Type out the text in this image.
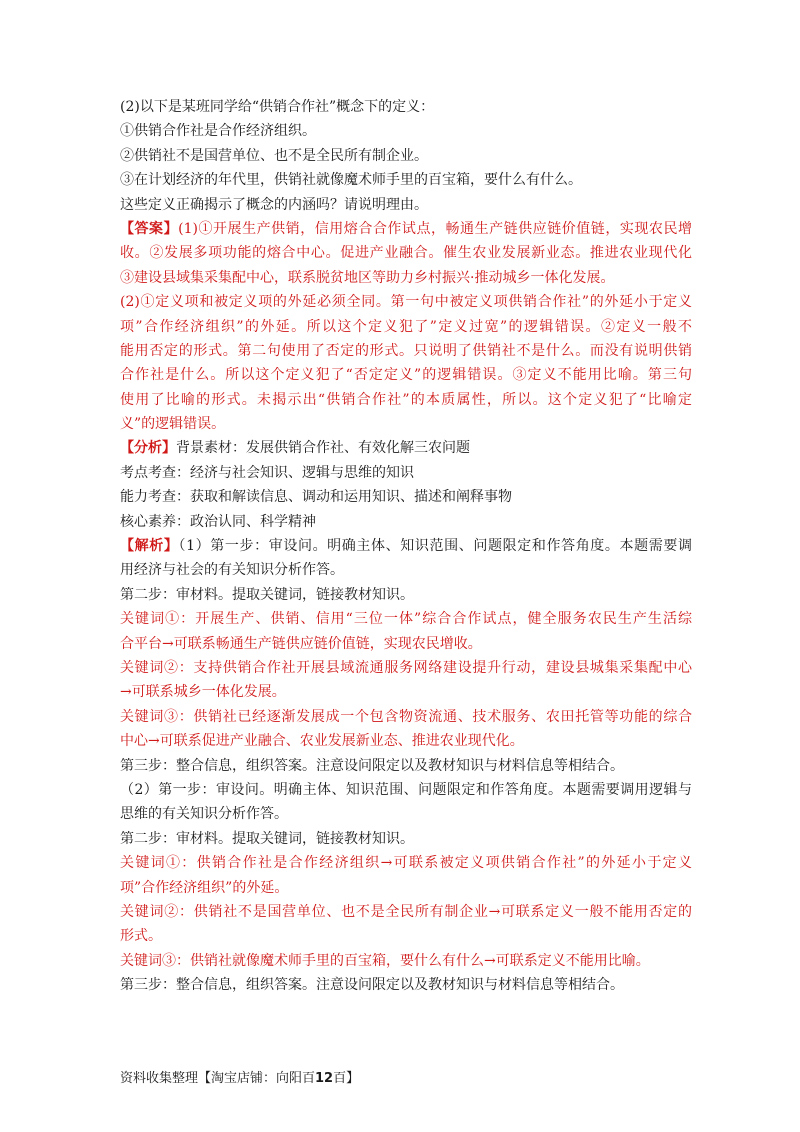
(2)以下是某班同学给“供销合作社”概念下的定义：
①供销合作社是合作经济组织。
②供销社不是国营单位、也不是全民所有制企业。
③在计划经济的年代里，供销社就像魔术师手里的百宝箱，要什么有什么。
这些定义正确揭示了概念的内涵吗？请说明理由。
【答案】(1)①开展生产供销，信用熔合合作试点，畅通生产链供应链价值链，实现农民增
收。②发展多项功能的熔合中心。促进产业融合。催生农业发展新业态。推进农业现代化
③建设县域集采集配中心，联系脱贫地区等助力乡村振兴·推动城乡一体化发展。
(2)①定义项和被定义项的外延必须全同。第一句中被定义项供销合作社”的外延小于定义
项”合作经济组织”的外延。所以这个定义犯了”定义过宽”的逻辑错误。②定义一般不
能用否定的形式。第二句使用了否定的形式。只说明了供销社不是什么。而没有说明供销
合作社是什么。所以这个定义犯了“否定定义”的逻辑错误。③定义不能用比喻。第三句
使用了比喻的形式。未揭示出“供销合作社”的本质属性，所以。这个定义犯了“比喻定
义”的逻辑错误。
【分析】背景素材：发展供销合作社、有效化解三农问题
考点考查：经济与社会知识、逻辑与思维的知识
能力考查：获取和解读信息、调动和运用知识、描述和阐释事物
核心素养：政治认同、科学精神
【解析】（1）第一步：审设问。明确主体、知识范围、问题限定和作答角度。本题需要调
用经济与社会的有关知识分析作答。
第二步：审材料。提取关键词，链接教材知识。
关键词①：开展生产、供销、信用“三位一体”综合合作试点，健全服务农民生产生活综
合平台→可联系畅通生产链供应链价值链，实现农民增收。
关键词②：支持供销合作社开展县域流通服务网络建设提升行动，建设县城集采集配中心
→可联系城乡一体化发展。
关键词③：供销社已经逐渐发展成一个包含物资流通、技术服务、农田托管等功能的综合
中心→可联系促进产业融合、农业发展新业态、推进农业现代化。
第三步：整合信息，组织答案。注意设问限定以及教材知识与材料信息等相结合。
（2）第一步：审设问。明确主体、知识范围、问题限定和作答角度。本题需要调用逻辑与
思维的有关知识分析作答。
第二步：审材料。提取关键词，链接教材知识。
关键词①：供销合作社是合作经济组织→可联系被定义项供销合作社”的外延小于定义
项”合作经济组织”的外延。
关键词②：供销社不是国营单位、也不是全民所有制企业→可联系定义一般不能用否定的
形式。
关键词③：供销社就像魔术师手里的百宝箱，要什么有什么→可联系定义不能用比喻。
第三步：整合信息，组织答案。注意设问限定以及教材知识与材料信息等相结合。
资料收集整理【淘宝店铺：向阳百12百】
